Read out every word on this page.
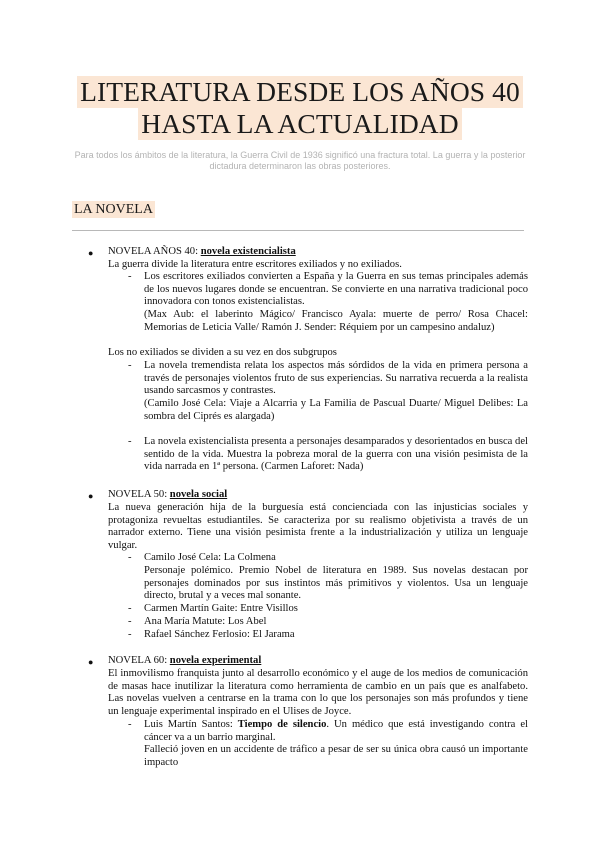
LITERATURA DESDE LOS AÑOS 40
HASTA LA ACTUALIDAD
Para todos los ámbitos de la literatura, la Guerra Civil de 1936 significó una fractura total. La guerra y la posterior dictadura determinaron las obras posteriores.
LA NOVELA
● NOVELA AÑOS 40: novela existencialista
La guerra divide la literatura entre escritores exiliados y no exiliados.
- Los escritores exiliados convierten a España y la Guerra en sus temas principales además de los nuevos lugares donde se encuentran. Se convierte en una narrativa tradicional poco innovadora con tonos existencialistas.
(Max Aub: el laberinto Mágico/ Francisco Ayala: muerte de perro/ Rosa Chacel: Memorias de Leticia Valle/ Ramón J. Sender: Réquiem por un campesino andaluz)
Los no exiliados se dividen a su vez en dos subgrupos
- La novela tremendista relata los aspectos más sórdidos de la vida en primera persona a través de personajes violentos fruto de sus experiencias. Su narrativa recuerda a la realista usando sarcasmos y contrastes.
(Camilo José Cela: Viaje a Alcarria y La Familia de Pascual Duarte/ Miguel Delibes: La sombra del Ciprés es alargada)
- La novela existencialista presenta a personajes desamparados y desorientados en busca del sentido de la vida. Muestra la pobreza moral de la guerra con una visión pesimista de la vida narrada en 1ª persona. (Carmen Laforet: Nada)
● NOVELA 50: novela social
La nueva generación hija de la burguesía está concienciada con las injusticias sociales y protagoniza revueltas estudiantiles. Se caracteriza por su realismo objetivista a través de un narrador externo. Tiene una visión pesimista frente a la industrialización y utiliza un lenguaje vulgar.
- Camilo José Cela: La Colmena
Personaje polémico. Premio Nobel de literatura en 1989. Sus novelas destacan por personajes dominados por sus instintos más primitivos y violentos. Usa un lenguaje directo, brutal y a veces mal sonante.
- Carmen Martín Gaite: Entre Visillos
- Ana María Matute: Los Abel
- Rafael Sánchez Ferlosio: El Jarama
● NOVELA 60: novela experimental
El inmovilismo franquista junto al desarrollo económico y el auge de los medios de comunicación de masas hace inutilizar la literatura como herramienta de cambio en un país que es analfabeto. Las novelas vuelven a centrarse en la trama con lo que los personajes son más profundos y tiene un lenguaje experimental inspirado en el Ulises de Joyce.
- Luis Martín Santos: Tiempo de silencio. Un médico que está investigando contra el cáncer va a un barrio marginal.
Falleció joven en un accidente de tráfico a pesar de ser su única obra causó un importante impacto
